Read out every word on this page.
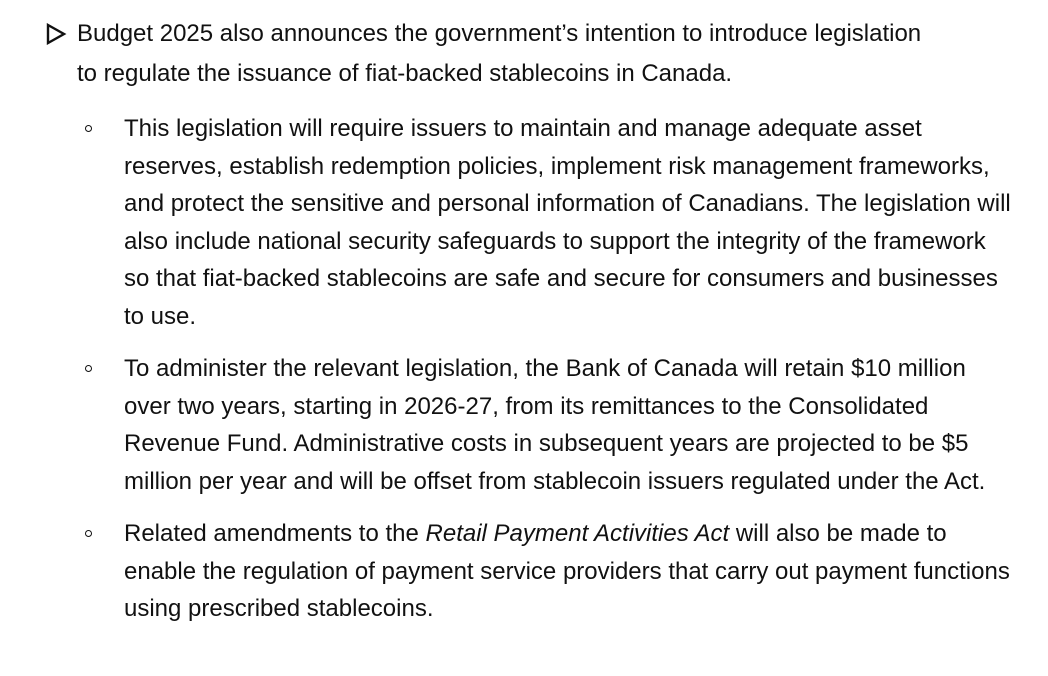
Budget 2025 also announces the government’s intention to introduce legislation to regulate the issuance of fiat-backed stablecoins in Canada.
This legislation will require issuers to maintain and manage adequate asset reserves, establish redemption policies, implement risk management frameworks, and protect the sensitive and personal information of Canadians. The legislation will also include national security safeguards to support the integrity of the framework so that fiat-backed stablecoins are safe and secure for consumers and businesses to use.
To administer the relevant legislation, the Bank of Canada will retain $10 million over two years, starting in 2026-27, from its remittances to the Consolidated Revenue Fund. Administrative costs in subsequent years are projected to be $5 million per year and will be offset from stablecoin issuers regulated under the Act.
Related amendments to the Retail Payment Activities Act will also be made to enable the regulation of payment service providers that carry out payment functions using prescribed stablecoins.
